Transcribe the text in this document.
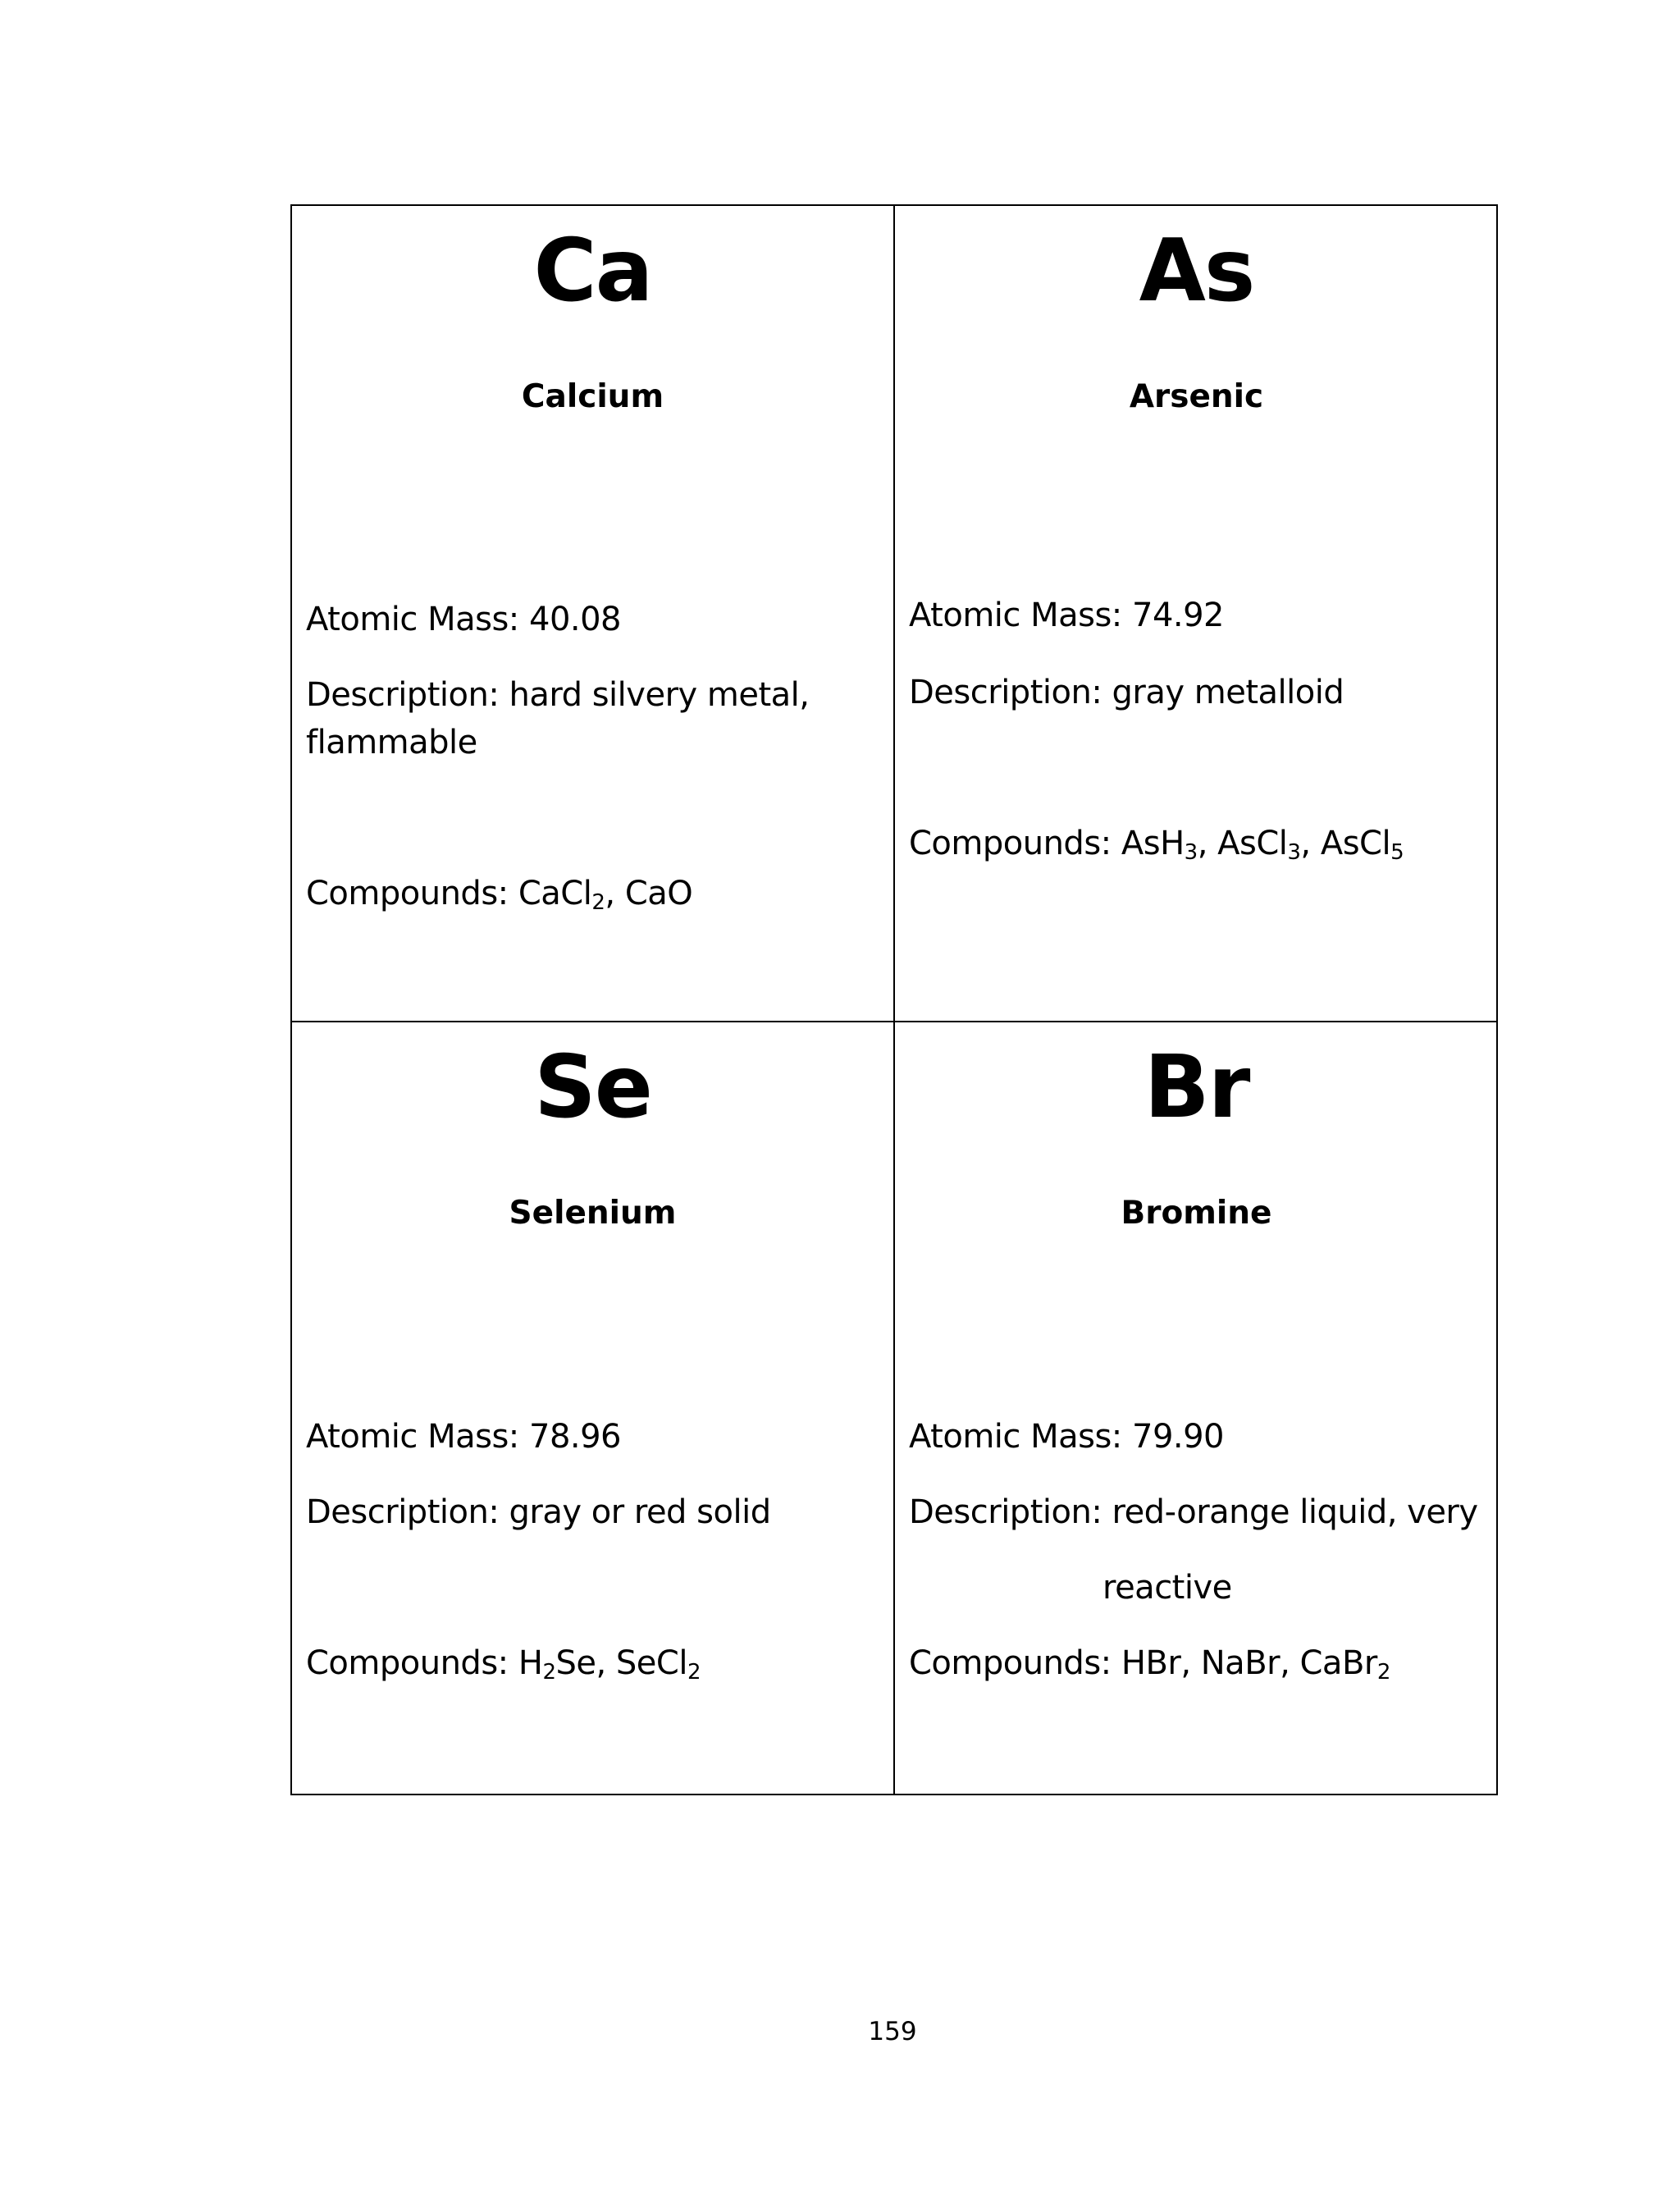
Ca
Calcium
Atomic Mass: 40.08
Description: hard silvery metal,
flammable
Compounds: CaCl$_2$, CaO
As
Arsenic
Atomic Mass: 74.92
Description: gray metalloid
Compounds: AsH$_3$, AsCl$_3$, AsCl$_5$
Se
Selenium
Atomic Mass: 78.96
Description: gray or red solid
Compounds: $H_2Se$, SeCl$_2$
Br
Bromine
Atomic Mass: 79.90
Description: red-orange liquid, very
reactive
Compounds: HBr, NaBr, CaBr$_2$
159
